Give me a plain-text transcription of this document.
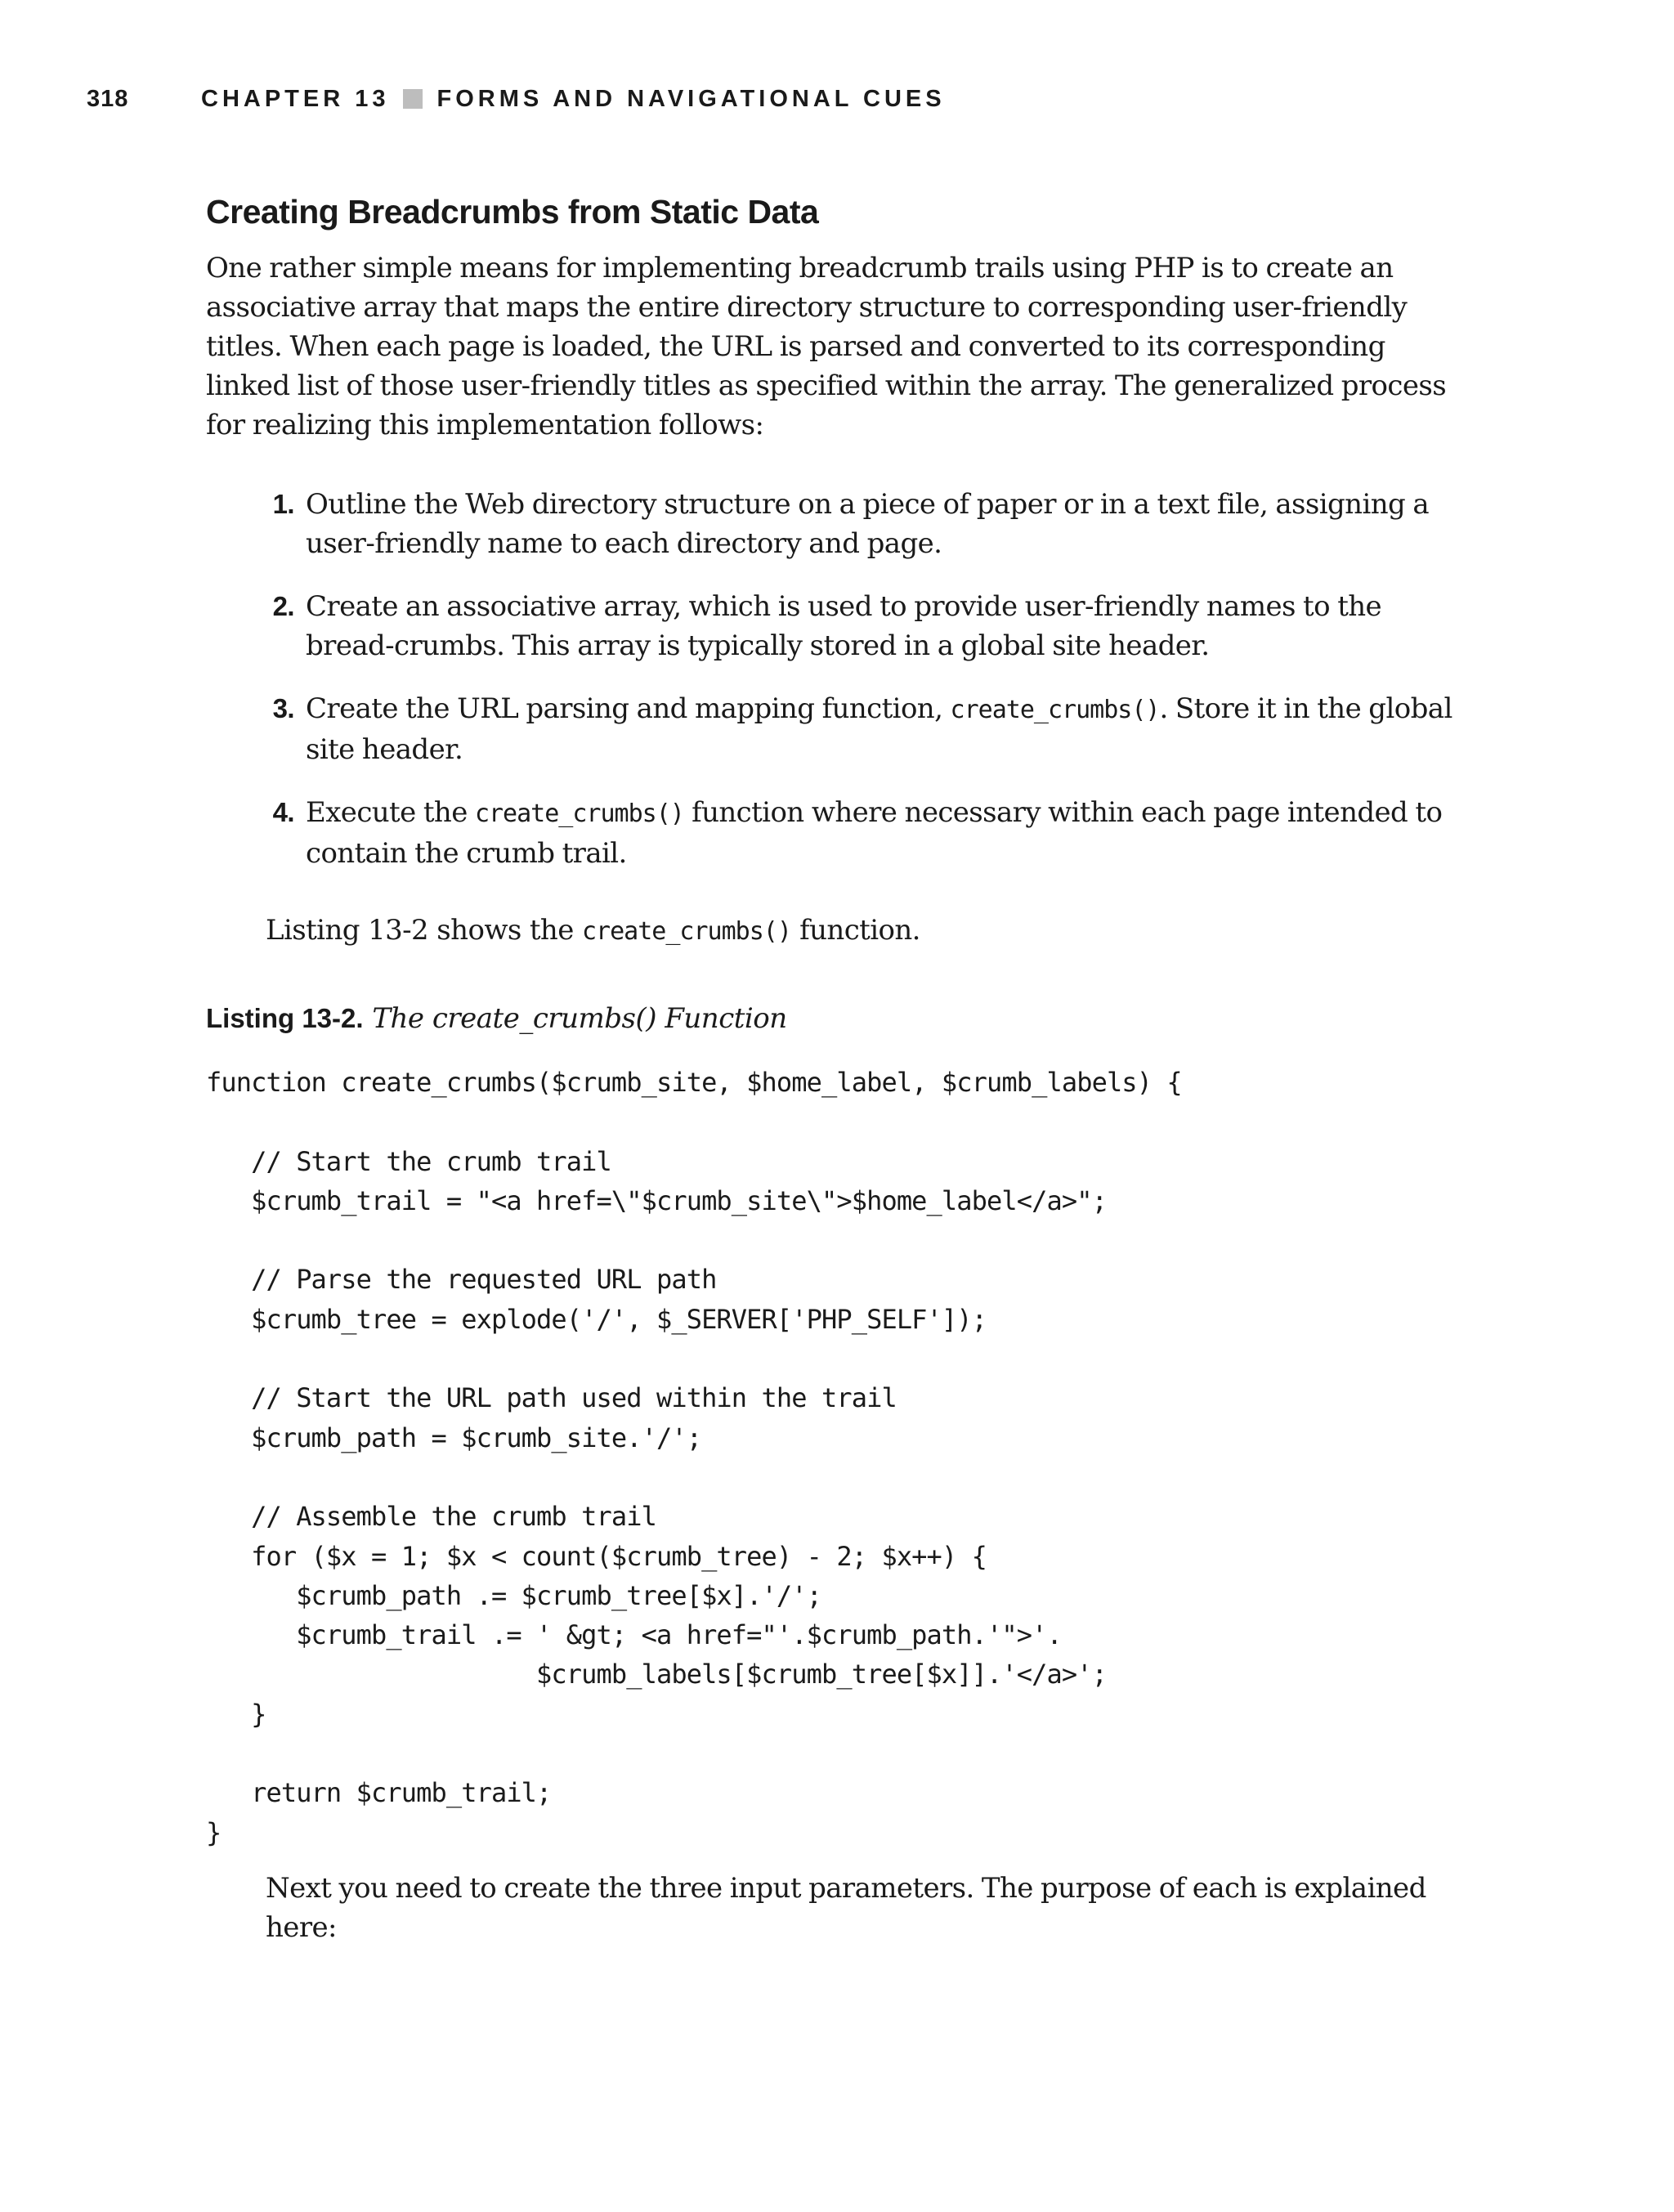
318	CHAPTER 13 FORMS AND NAVIGATIONAL CUES
Creating Breadcrumbs from Static Data

One rather simple means for implementing breadcrumb trails using PHP is to create an associative array that maps the entire directory structure to corresponding user-friendly titles. When each page is loaded, the URL is parsed and converted to its corresponding linked list of those user-friendly titles as specified within the array. The generalized process for realizing this implementation follows:

1. Outline the Web directory structure on a piece of paper or in a text file, assigning a user-friendly name to each directory and page.
2. Create an associative array, which is used to provide user-friendly names to the bread-crumbs. This array is typically stored in a global site header.
3. Create the URL parsing and mapping function, create_crumbs(). Store it in the global site header.
4. Execute the create_crumbs() function where necessary within each page intended to contain the crumb trail.

Listing 13-2 shows the create_crumbs() function.

Listing 13-2. The create_crumbs() Function

function create_crumbs($crumb_site, $home_label, $crumb_labels) {

// Start the crumb trail
$crumb_trail = "<a href=\"$crumb_site\">$home_label</a>";

// Parse the requested URL path
$crumb_tree = explode('/', $_SERVER['PHP_SELF']);

// Start the URL path used within the trail
$crumb_path = $crumb_site.'/';

// Assemble the crumb trail
for ($x = 1; $x < count($crumb_tree) - 2; $x++) {
$crumb_path .= $crumb_tree[$x].'/';
$crumb_trail .= ' &gt; <a href="'.$crumb_path.'">'.
$crumb_labels[$crumb_tree[$x]].'</a>';
}

return $crumb_trail;
}

Next you need to create the three input parameters. The purpose of each is explained here:
